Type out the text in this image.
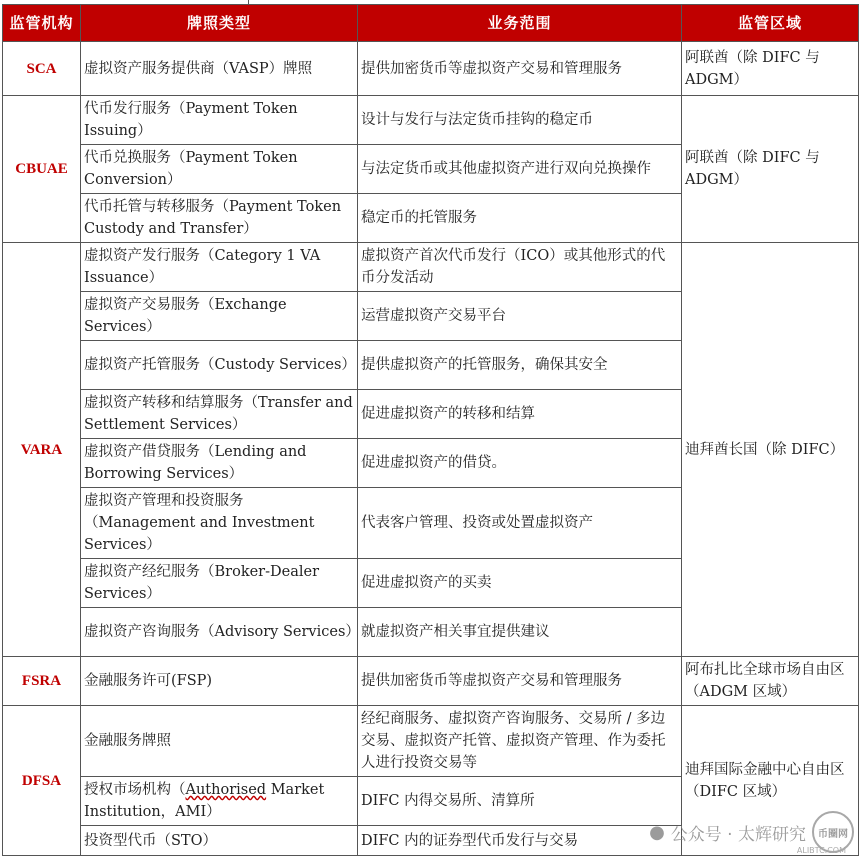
监管机构	牌照类型	业务范围	监管区域
SCA	虚拟资产服务提供商（VASP）牌照	提供加密货币等虚拟资产交易和管理服务	阿联酋（除 DIFC 与 ADGM）
CBUAE	代币发行服务（Payment Token Issuing）	设计与发行与法定货币挂钩的稳定币	阿联酋（除 DIFC 与 ADGM）
	代币兑换服务（Payment Token Conversion）	与法定货币或其他虚拟资产进行双向兑换操作	
	代币托管与转移服务（Payment Token Custody and Transfer）	稳定币的托管服务	
VARA	虚拟资产发行服务（Category 1 VA Issuance）	虚拟资产首次代币发行（ICO）或其他形式的代币分发活动	迪拜酋长国（除 DIFC）
	虚拟资产交易服务（Exchange Services）	运营虚拟资产交易平台	
	虚拟资产托管服务（Custody Services）	提供虚拟资产的托管服务，确保其安全	
	虚拟资产转移和结算服务（Transfer and Settlement Services）	促进虚拟资产的转移和结算	
	虚拟资产借贷服务（Lending and Borrowing Services）	促进虚拟资产的借贷。	
	虚拟资产管理和投资服务（Management and Investment Services）	代表客户管理、投资或处置虚拟资产	
	虚拟资产经纪服务（Broker-Dealer Services）	促进虚拟资产的买卖	
	虚拟资产咨询服务（Advisory Services）	就虚拟资产相关事宜提供建议	
FSRA	金融服务许可(FSP)	提供加密货币等虚拟资产交易和管理服务	阿布扎比全球市场自由区（ADGM 区域）
DFSA	金融服务牌照	经纪商服务、虚拟资产咨询服务、交易所 / 多边交易、虚拟资产托管、虚拟资产管理、作为委托人进行投资交易等	迪拜国际金融中心自由区（DIFC 区域）
	授权市场机构（Authorised Market Institution，AMI）	DIFC 内得交易所、清算所	
	投资型代币（STO）	DIFC 内的证券型代币发行与交易		● 公众号 · 太辉研究 币圈网
ALIBTC.COM
